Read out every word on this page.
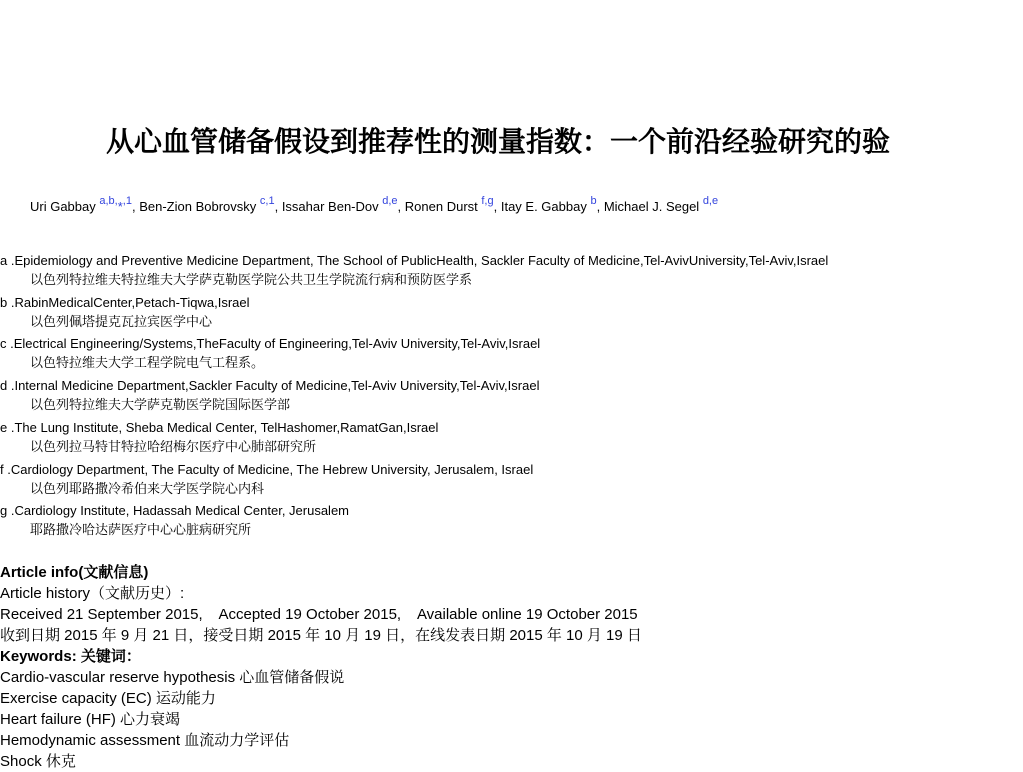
从心血管储备假设到推荐性的测量指数：一个前沿经验研究的验
Uri Gabbay $^{a,b,}$*$^{,1}$, Ben-Zion Bobrovsky $^{c,1}$, Issahar Ben-Dov $^{d,e}$, Ronen Durst $^{f,g}$, Itay E. Gabbay $^b$, Michael J. Segel $^{d,e}$
a .Epidemiology and Preventive Medicine Department, The School of PublicHealth, Sackler Faculty of Medicine,Tel-AvivUniversity,Tel-Aviv,Israel
以色列特拉维夫特拉维夫大学萨克勒医学院公共卫生学院流行病和预防医学系
b .RabinMedicalCenter,Petach-Tiqwa,Israel
以色列佩塔提克瓦拉宾医学中心
c .Electrical Engineering/Systems,TheFaculty of Engineering,Tel-Aviv University,Tel-Aviv,Israel
以色特拉维夫大学工程学院电气工程系。
d .Internal Medicine Department,Sackler Faculty of Medicine,Tel-Aviv University,Tel-Aviv,Israel
以色列特拉维夫大学萨克勒医学院国际医学部
e .The Lung Institute, Sheba Medical Center, TelHashomer,RamatGan,Israel
以色列拉马特甘特拉哈绍梅尔医疗中心肺部研究所
f .Cardiology Department, The Faculty of Medicine, The Hebrew University, Jerusalem, Israel
以色列耶路撒冷希伯来大学医学院心内科
g .Cardiology Institute, Hadassah Medical Center, Jerusalem
耶路撒冷哈达萨医疗中心心脏病研究所
Article info(文献信息)
Article history（文献历史）:
Received 21 September 2015,    Accepted 19 October 2015,    Available online 19 October 2015
收到日期 2015 年 9 月 21 日，接受日期 2015 年 10 月 19 日，在线发表日期 2015 年 10 月 19 日
Keywords: 关键词：
Cardio-vascular reserve hypothesis 心血管储备假说
Exercise capacity (EC) 运动能力
Heart failure (HF) 心力衰竭
Hemodynamic assessment 血流动力学评估
Shock 休克
